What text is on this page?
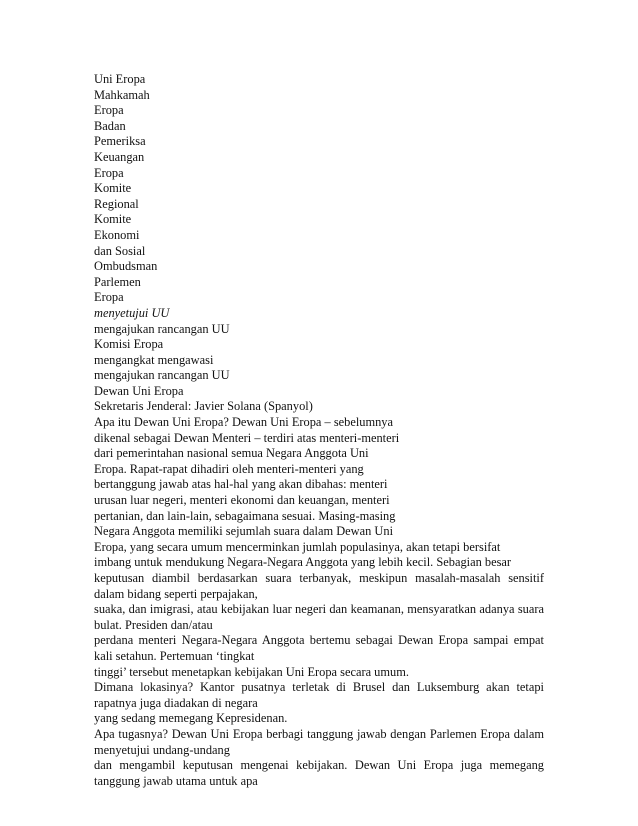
Uni Eropa
Mahkamah
Eropa
Badan
Pemeriksa
Keuangan
Eropa
Komite
Regional
Komite
Ekonomi
dan Sosial
Ombudsman
Parlemen
Eropa
menyetujui UU
mengajukan rancangan UU
Komisi Eropa
mengangkat mengawasi
mengajukan rancangan UU
Dewan Uni Eropa
Sekretaris Jenderal: Javier Solana (Spanyol)
Apa itu Dewan Uni Eropa? Dewan Uni Eropa – sebelumnya
dikenal sebagai Dewan Menteri – terdiri atas menteri-menteri
dari pemerintahan nasional semua Negara Anggota Uni
Eropa. Rapat-rapat dihadiri oleh menteri-menteri yang
bertanggung jawab atas hal-hal yang akan dibahas: menteri
urusan luar negeri, menteri ekonomi dan keuangan, menteri
pertanian, dan lain-lain, sebagaimana sesuai. Masing-masing
Negara Anggota memiliki sejumlah suara dalam Dewan Uni
Eropa, yang secara umum mencerminkan jumlah populasinya, akan tetapi bersifat
imbang untuk mendukung Negara-Negara Anggota yang lebih kecil. Sebagian besar
keputusan diambil berdasarkan suara terbanyak, meskipun masalah-masalah sensitif dalam bidang seperti perpajakan,
suaka, dan imigrasi, atau kebijakan luar negeri dan keamanan, mensyaratkan adanya suara bulat. Presiden dan/atau
perdana menteri Negara-Negara Anggota bertemu sebagai Dewan Eropa sampai empat kali setahun. Pertemuan ‘tingkat
tinggi’ tersebut menetapkan kebijakan Uni Eropa secara umum.
Dimana lokasinya? Kantor pusatnya terletak di Brusel dan Luksemburg akan tetapi rapatnya juga diadakan di negara
yang sedang memegang Kepresidenan.
Apa tugasnya? Dewan Uni Eropa berbagi tanggung jawab dengan Parlemen Eropa dalam menyetujui undang-undang
dan mengambil keputusan mengenai kebijakan. Dewan Uni Eropa juga memegang tanggung jawab utama untuk apa
